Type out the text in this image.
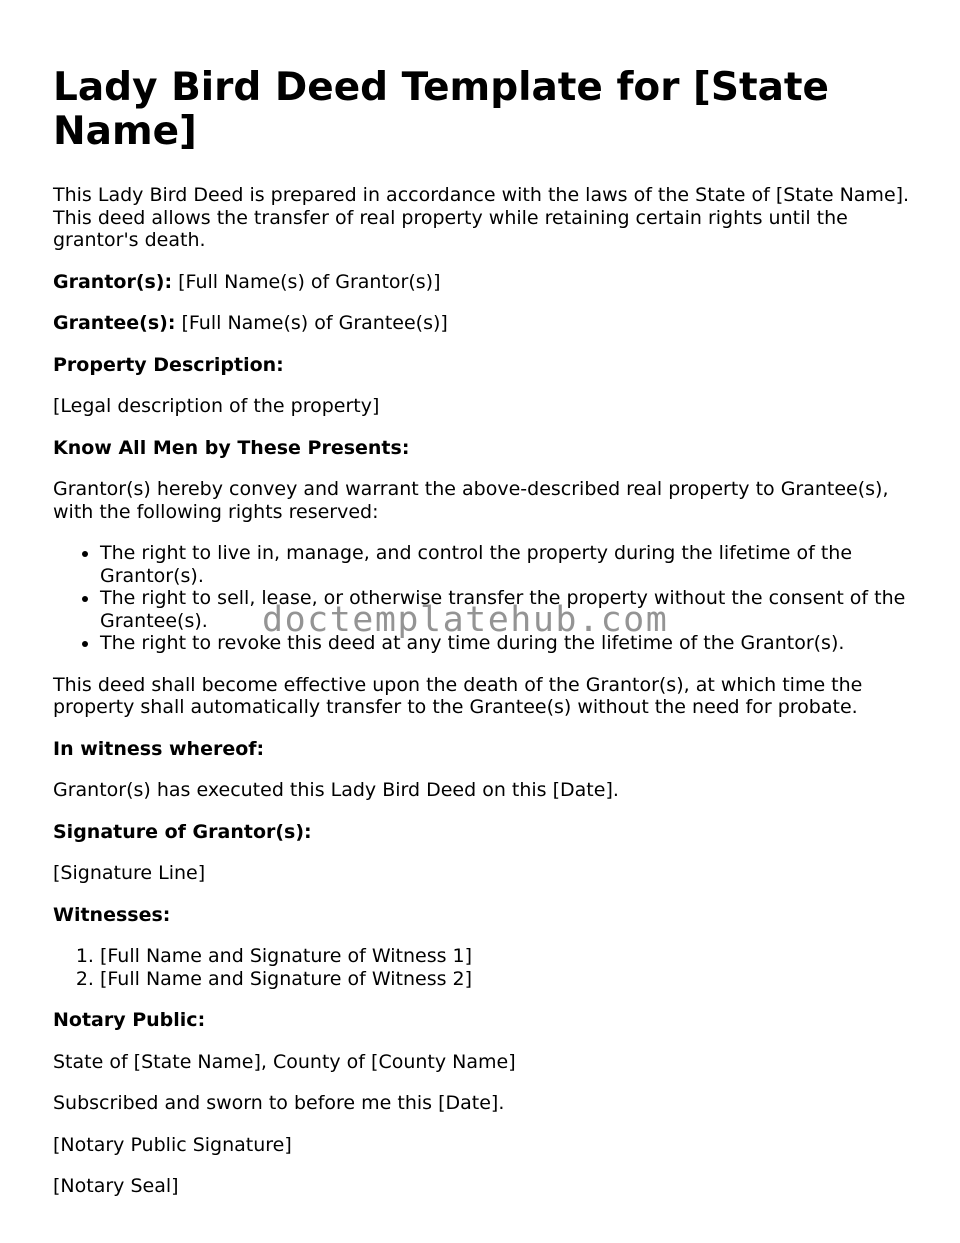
Lady Bird Deed Template for [State Name]

This Lady Bird Deed is prepared in accordance with the laws of the State of [State Name]. This deed allows the transfer of real property while retaining certain rights until the grantor's death.

Grantor(s): [Full Name(s) of Grantor(s)]

Grantee(s): [Full Name(s) of Grantee(s)]

Property Description:

[Legal description of the property]

Know All Men by These Presents:

Grantor(s) hereby convey and warrant the above-described real property to Grantee(s), with the following rights reserved:

• The right to live in, manage, and control the property during the lifetime of the Grantor(s).
• The right to sell, lease, or otherwise transfer the property without the consent of the Grantee(s).
• The right to revoke this deed at any time during the lifetime of the Grantor(s).

This deed shall become effective upon the death of the Grantor(s), at which time the property shall automatically transfer to the Grantee(s) without the need for probate.

In witness whereof:

Grantor(s) has executed this Lady Bird Deed on this [Date].

Signature of Grantor(s):

[Signature Line]

Witnesses:

1. [Full Name and Signature of Witness 1]
2. [Full Name and Signature of Witness 2]

Notary Public:

State of [State Name], County of [County Name]

Subscribed and sworn to before me this [Date].

[Notary Public Signature]

[Notary Seal]

doctemplatehub.com
